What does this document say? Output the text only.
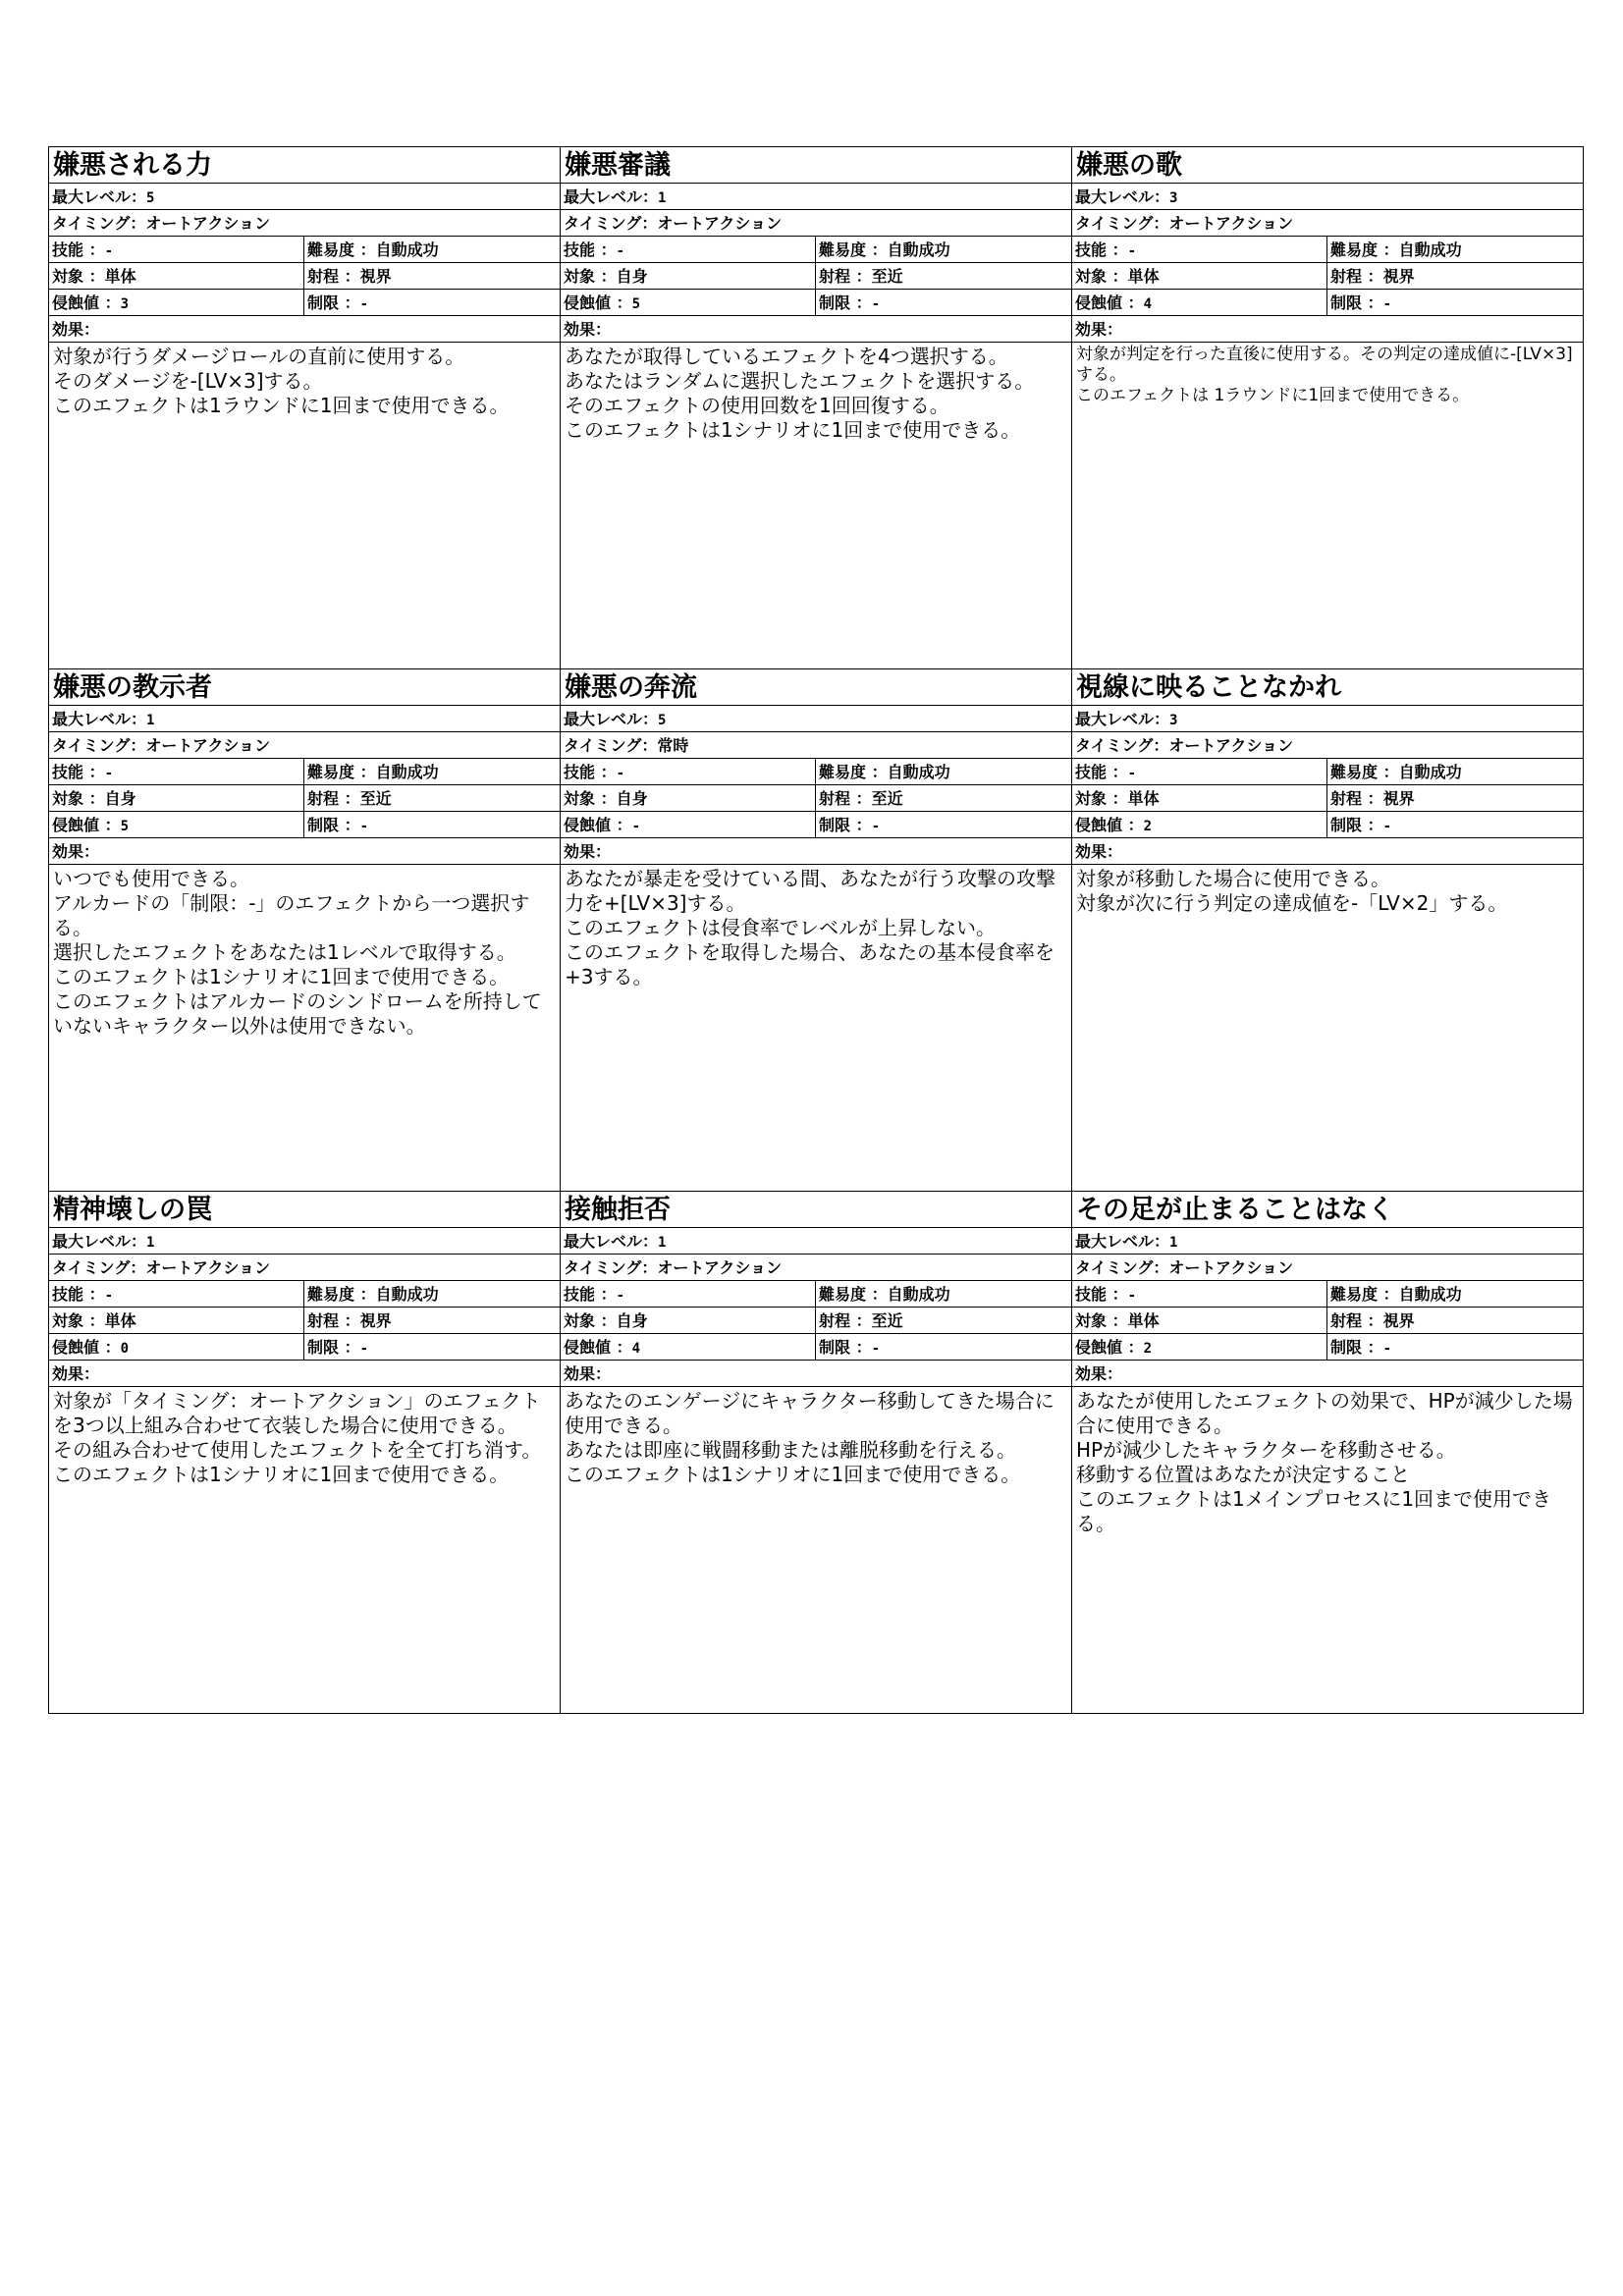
嫌悪される力
最大レベル：5
タイミング：オートアクション
技能 ：-	難易度 ：自動成功
対象 ：単体	射程 ：視界
侵蝕値 ：3	制限 ：-
効果：

対象が行うダメージロールの直前に使用する。

そのダメージを-[LV×3]する。

このエフェクトは1ラウンドに1回まで使用できる。

嫌悪審議
最大レベル：1
タイミング：オートアクション
技能 ：-	難易度 ：自動成功
対象 ：自身	射程 ：至近
侵蝕値 ：5	制限 ：-
効果：

あなたが取得しているエフェクトを4つ選択する。

あなたはランダムに選択したエフェクトを選択する。

そのエフェクトの使用回数を1回回復する。

このエフェクトは1シナリオに1回まで使用できる。

嫌悪の歌
最大レベル：3
タイミング：オートアクション
技能 ：-	難易度 ：自動成功
対象 ：単体	射程 ：視界
侵蝕値 ：4	制限 ：-
効果：

対象が判定を行った直後に使用する。その判定の達成値に-[LV×3]する。

このエフェクトは 1ラウンドに1回まで使用できる。

嫌悪の教示者
最大レベル：1
タイミング：オートアクション
技能 ：-	難易度 ：自動成功
対象 ：自身	射程 ：至近
侵蝕値 ：5	制限 ：-
効果：

いつでも使用できる。

アルカードの「制限：-」のエフェクトから一つ選択する。

選択したエフェクトをあなたは1レベルで取得する。

このエフェクトは1シナリオに1回まで使用できる。

このエフェクトはアルカードのシンドロームを所持していないキャラクター以外は使用できない。

嫌悪の奔流
最大レベル：5
タイミング：常時
技能 ：-	難易度 ：自動成功
対象 ：自身	射程 ：至近
侵蝕値 ：-	制限 ：-
効果：

あなたが暴走を受けている間、あなたが行う攻撃の攻撃力を+[LV×3]する。

このエフェクトは侵食率でレベルが上昇しない。

このエフェクトを取得した場合、あなたの基本侵食率を+3する。

視線に映ることなかれ
最大レベル：3
タイミング：オートアクション
技能 ：-	難易度 ：自動成功
対象 ：単体	射程 ：視界
侵蝕値 ：2	制限 ：-
効果：

対象が移動した場合に使用できる。

対象が次に行う判定の達成値を-「LV×2」する。

精神壊しの罠
最大レベル：1
タイミング：オートアクション
技能 ：-	難易度 ：自動成功
対象 ：単体	射程 ：視界
侵蝕値 ：0	制限 ：-
効果：

対象が「タイミング：オートアクション」のエフェクトを3つ以上組み合わせて衣装した場合に使用できる。

その組み合わせて使用したエフェクトを全て打ち消す。

このエフェクトは1シナリオに1回まで使用できる。

接触拒否
最大レベル：1
タイミング：オートアクション
技能 ：-	難易度 ：自動成功
対象 ：自身	射程 ：至近
侵蝕値 ：4	制限 ：-
効果：

あなたのエンゲージにキャラクター移動してきた場合に使用できる。

あなたは即座に戦闘移動または離脱移動を行える。

このエフェクトは1シナリオに1回まで使用できる。

その足が止まることはなく
最大レベル：1
タイミング：オートアクション
技能 ：-	難易度 ：自動成功
対象 ：単体	射程 ：視界
侵蝕値 ：2	制限 ：-
効果：

あなたが使用したエフェクトの効果で、HPが減少した場合に使用できる。

HPが減少したキャラクターを移動させる。

移動する位置はあなたが決定すること

このエフェクトは1メインプロセスに1回まで使用できる。
